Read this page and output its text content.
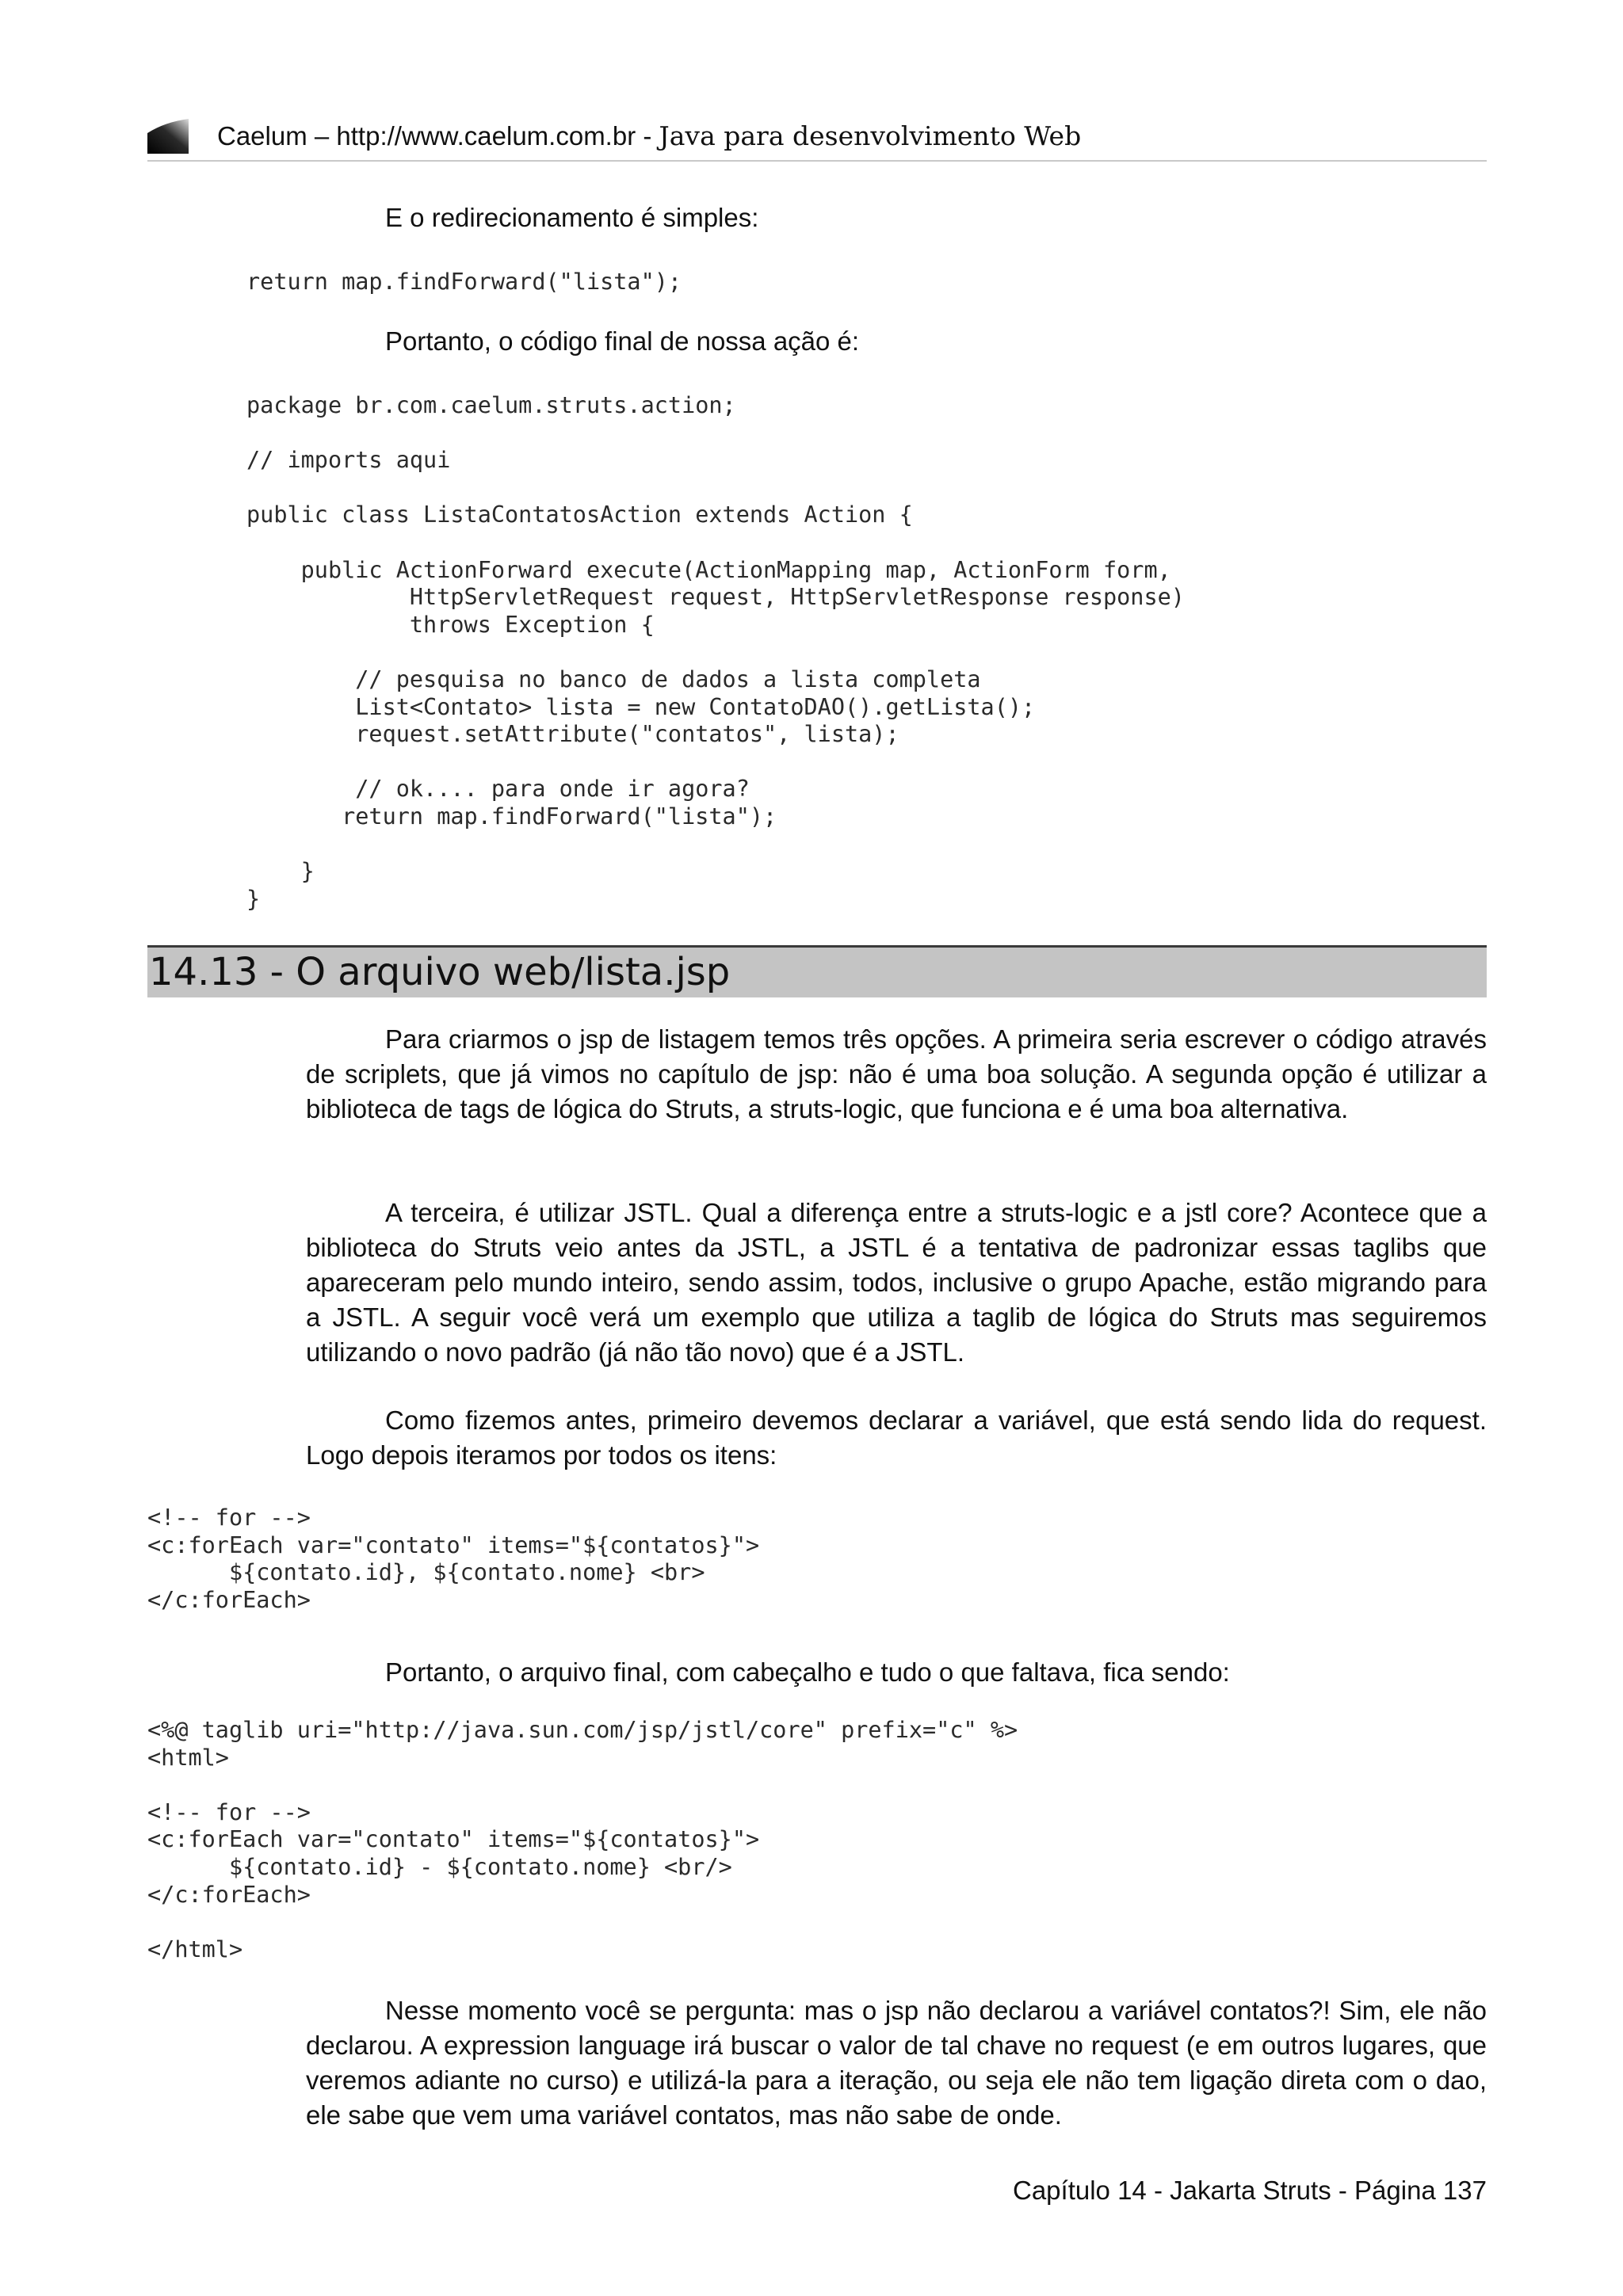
Caelum – http://www.caelum.com.br - Java para desenvolvimento Web

E o redirecionamento é simples:

return map.findForward("lista");

Portanto, o código final de nossa ação é:

package br.com.caelum.struts.action;

// imports aqui

public class ListaContatosAction extends Action {

public ActionForward execute(ActionMapping map, ActionForm form,
HttpServletRequest request, HttpServletResponse response)
throws Exception {

// pesquisa no banco de dados a lista completa
List<Contato> lista = new ContatoDAO().getLista();
request.setAttribute("contatos", lista);

// ok.... para onde ir agora?
return map.findForward("lista");

}
}
14.13 - O arquivo web/lista.jsp

Para criarmos o jsp de listagem temos três opções. A primeira seria escrever o código através de scriplets, que já vimos no capítulo de jsp: não é uma boa solução. A segunda opção é utilizar a biblioteca de tags de lógica do Struts, a struts-logic, que funciona e é uma boa alternativa.

A terceira, é utilizar JSTL. Qual a diferença entre a struts-logic e a jstl core? Acontece que a biblioteca do Struts veio antes da JSTL, a JSTL é a tentativa de padronizar essas taglibs que apareceram pelo mundo inteiro, sendo assim, todos, inclusive o grupo Apache, estão migrando para a JSTL. A seguir você verá um exemplo que utiliza a taglib de lógica do Struts mas seguiremos utilizando o novo padrão (já não tão novo) que é a JSTL.

Como fizemos antes, primeiro devemos declarar a variável, que está sendo lida do request. Logo depois iteramos por todos os itens:

<!-- for -->
<c:forEach var="contato" items="${contatos}">
${contato.id}, ${contato.nome} <br>
</c:forEach>

Portanto, o arquivo final, com cabeçalho e tudo o que faltava, fica sendo:

<%@ taglib uri="http://java.sun.com/jsp/jstl/core" prefix="c" %>
<html>

<!-- for -->
<c:forEach var="contato" items="${contatos}">
${contato.id} - ${contato.nome} <br/>
</c:forEach>

</html>

Nesse momento você se pergunta: mas o jsp não declarou a variável contatos?! Sim, ele não declarou. A expression language irá buscar o valor de tal chave no request (e em outros lugares, que veremos adiante no curso) e utilizá-la para a iteração, ou seja ele não tem ligação direta com o dao, ele sabe que vem uma variável contatos, mas não sabe de onde.

Capítulo 14 - Jakarta Struts - Página 137
